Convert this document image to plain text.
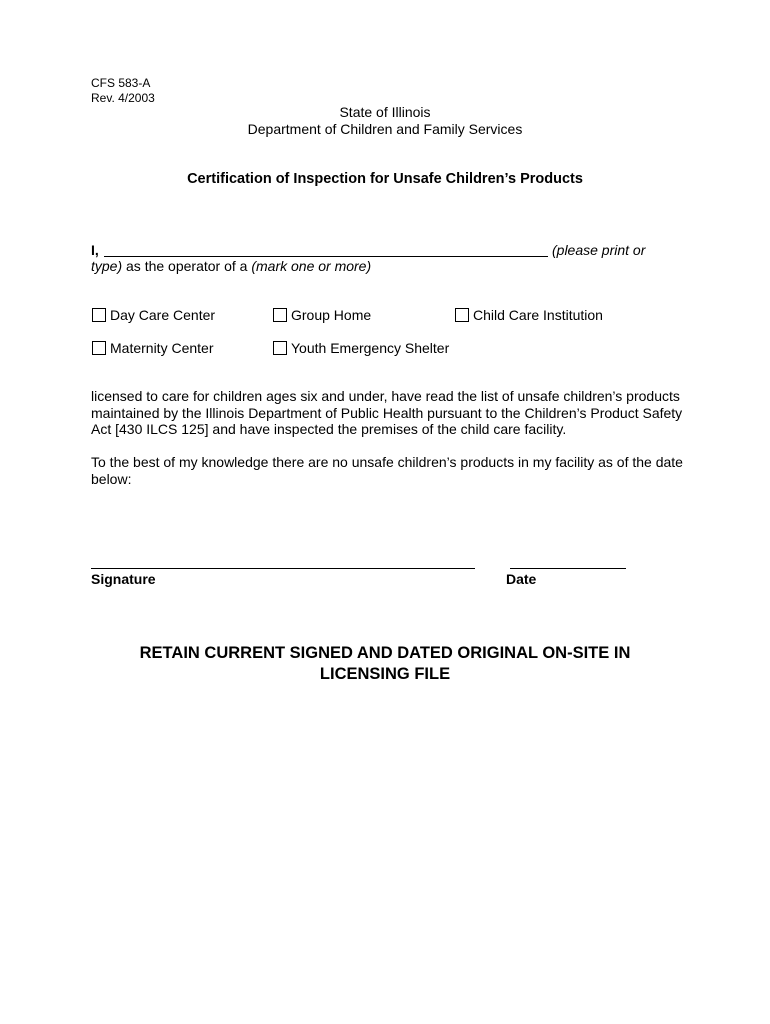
CFS 583-A
Rev. 4/2003
State of Illinois
Department of Children and Family Services
Certification of Inspection for Unsafe Children’s Products
I,	(please print or
type) as the operator of a (mark one or more)
Day Care Center	Group Home	Child Care Institution
Maternity Center	Youth Emergency Shelter
licensed to care for children ages six and under, have read the list of unsafe children’s products
maintained by the Illinois Department of Public Health pursuant to the Children’s Product Safety
Act [430 ILCS 125] and have inspected the premises of the child care facility.
To the best of my knowledge there are no unsafe children’s products in my facility as of the date
below:
Signature	Date
RETAIN CURRENT SIGNED AND DATED ORIGINAL ON-SITE IN
LICENSING FILE
